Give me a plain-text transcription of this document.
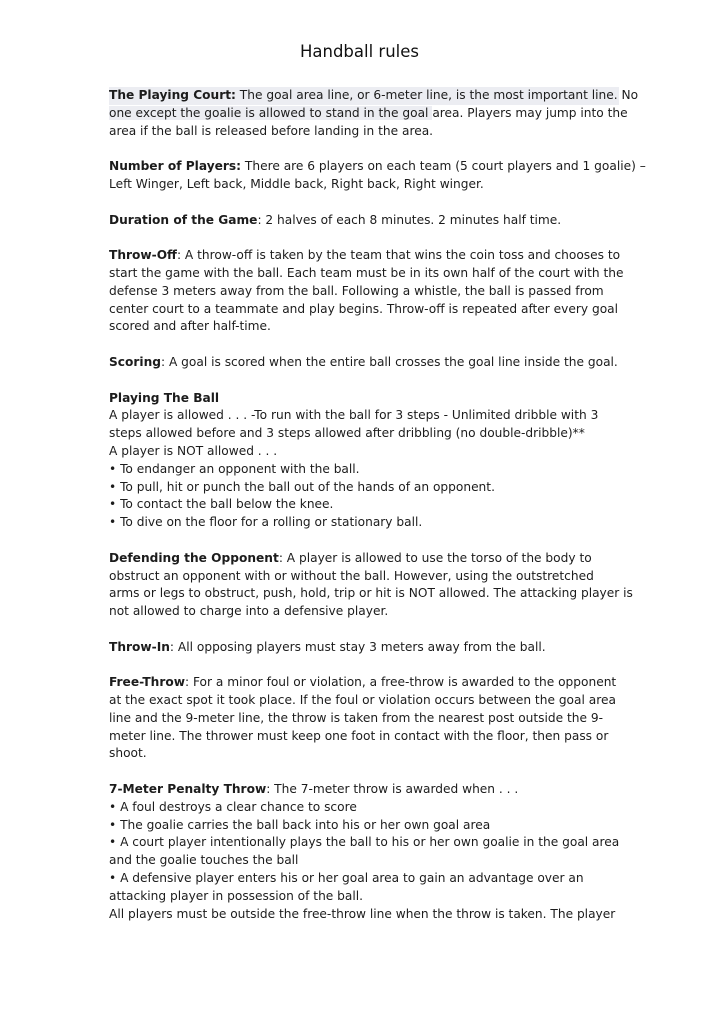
Handball rules
The Playing Court: The goal area line, or 6-meter line, is the most important line. No
one except the goalie is allowed to stand in the goal area. Players may jump into the
area if the ball is released before landing in the area.
Number of Players: There are 6 players on each team (5 court players and 1 goalie) –
Left Winger, Left back, Middle back, Right back, Right winger.
Duration of the Game: 2 halves of each 8 minutes. 2 minutes half time.
Throw-Off: A throw-off is taken by the team that wins the coin toss and chooses to
start the game with the ball. Each team must be in its own half of the court with the
defense 3 meters away from the ball. Following a whistle, the ball is passed from
center court to a teammate and play begins. Throw-off is repeated after every goal
scored and after half-time.
Scoring: A goal is scored when the entire ball crosses the goal line inside the goal.
Playing The Ball
A player is allowed . . . -To run with the ball for 3 steps - Unlimited dribble with 3
steps allowed before and 3 steps allowed after dribbling (no double-dribble)**
A player is NOT allowed . . .
• To endanger an opponent with the ball.
• To pull, hit or punch the ball out of the hands of an opponent.
• To contact the ball below the knee.
• To dive on the floor for a rolling or stationary ball.
Defending the Opponent: A player is allowed to use the torso of the body to
obstruct an opponent with or without the ball. However, using the outstretched
arms or legs to obstruct, push, hold, trip or hit is NOT allowed. The attacking player is
not allowed to charge into a defensive player.
Throw-In: All opposing players must stay 3 meters away from the ball.
Free-Throw: For a minor foul or violation, a free-throw is awarded to the opponent
at the exact spot it took place. If the foul or violation occurs between the goal area
line and the 9-meter line, the throw is taken from the nearest post outside the 9-
meter line. The thrower must keep one foot in contact with the floor, then pass or
shoot.
7-Meter Penalty Throw: The 7-meter throw is awarded when . . .
• A foul destroys a clear chance to score
• The goalie carries the ball back into his or her own goal area
• A court player intentionally plays the ball to his or her own goalie in the goal area
and the goalie touches the ball
• A defensive player enters his or her goal area to gain an advantage over an
attacking player in possession of the ball.
All players must be outside the free-throw line when the throw is taken. The player
